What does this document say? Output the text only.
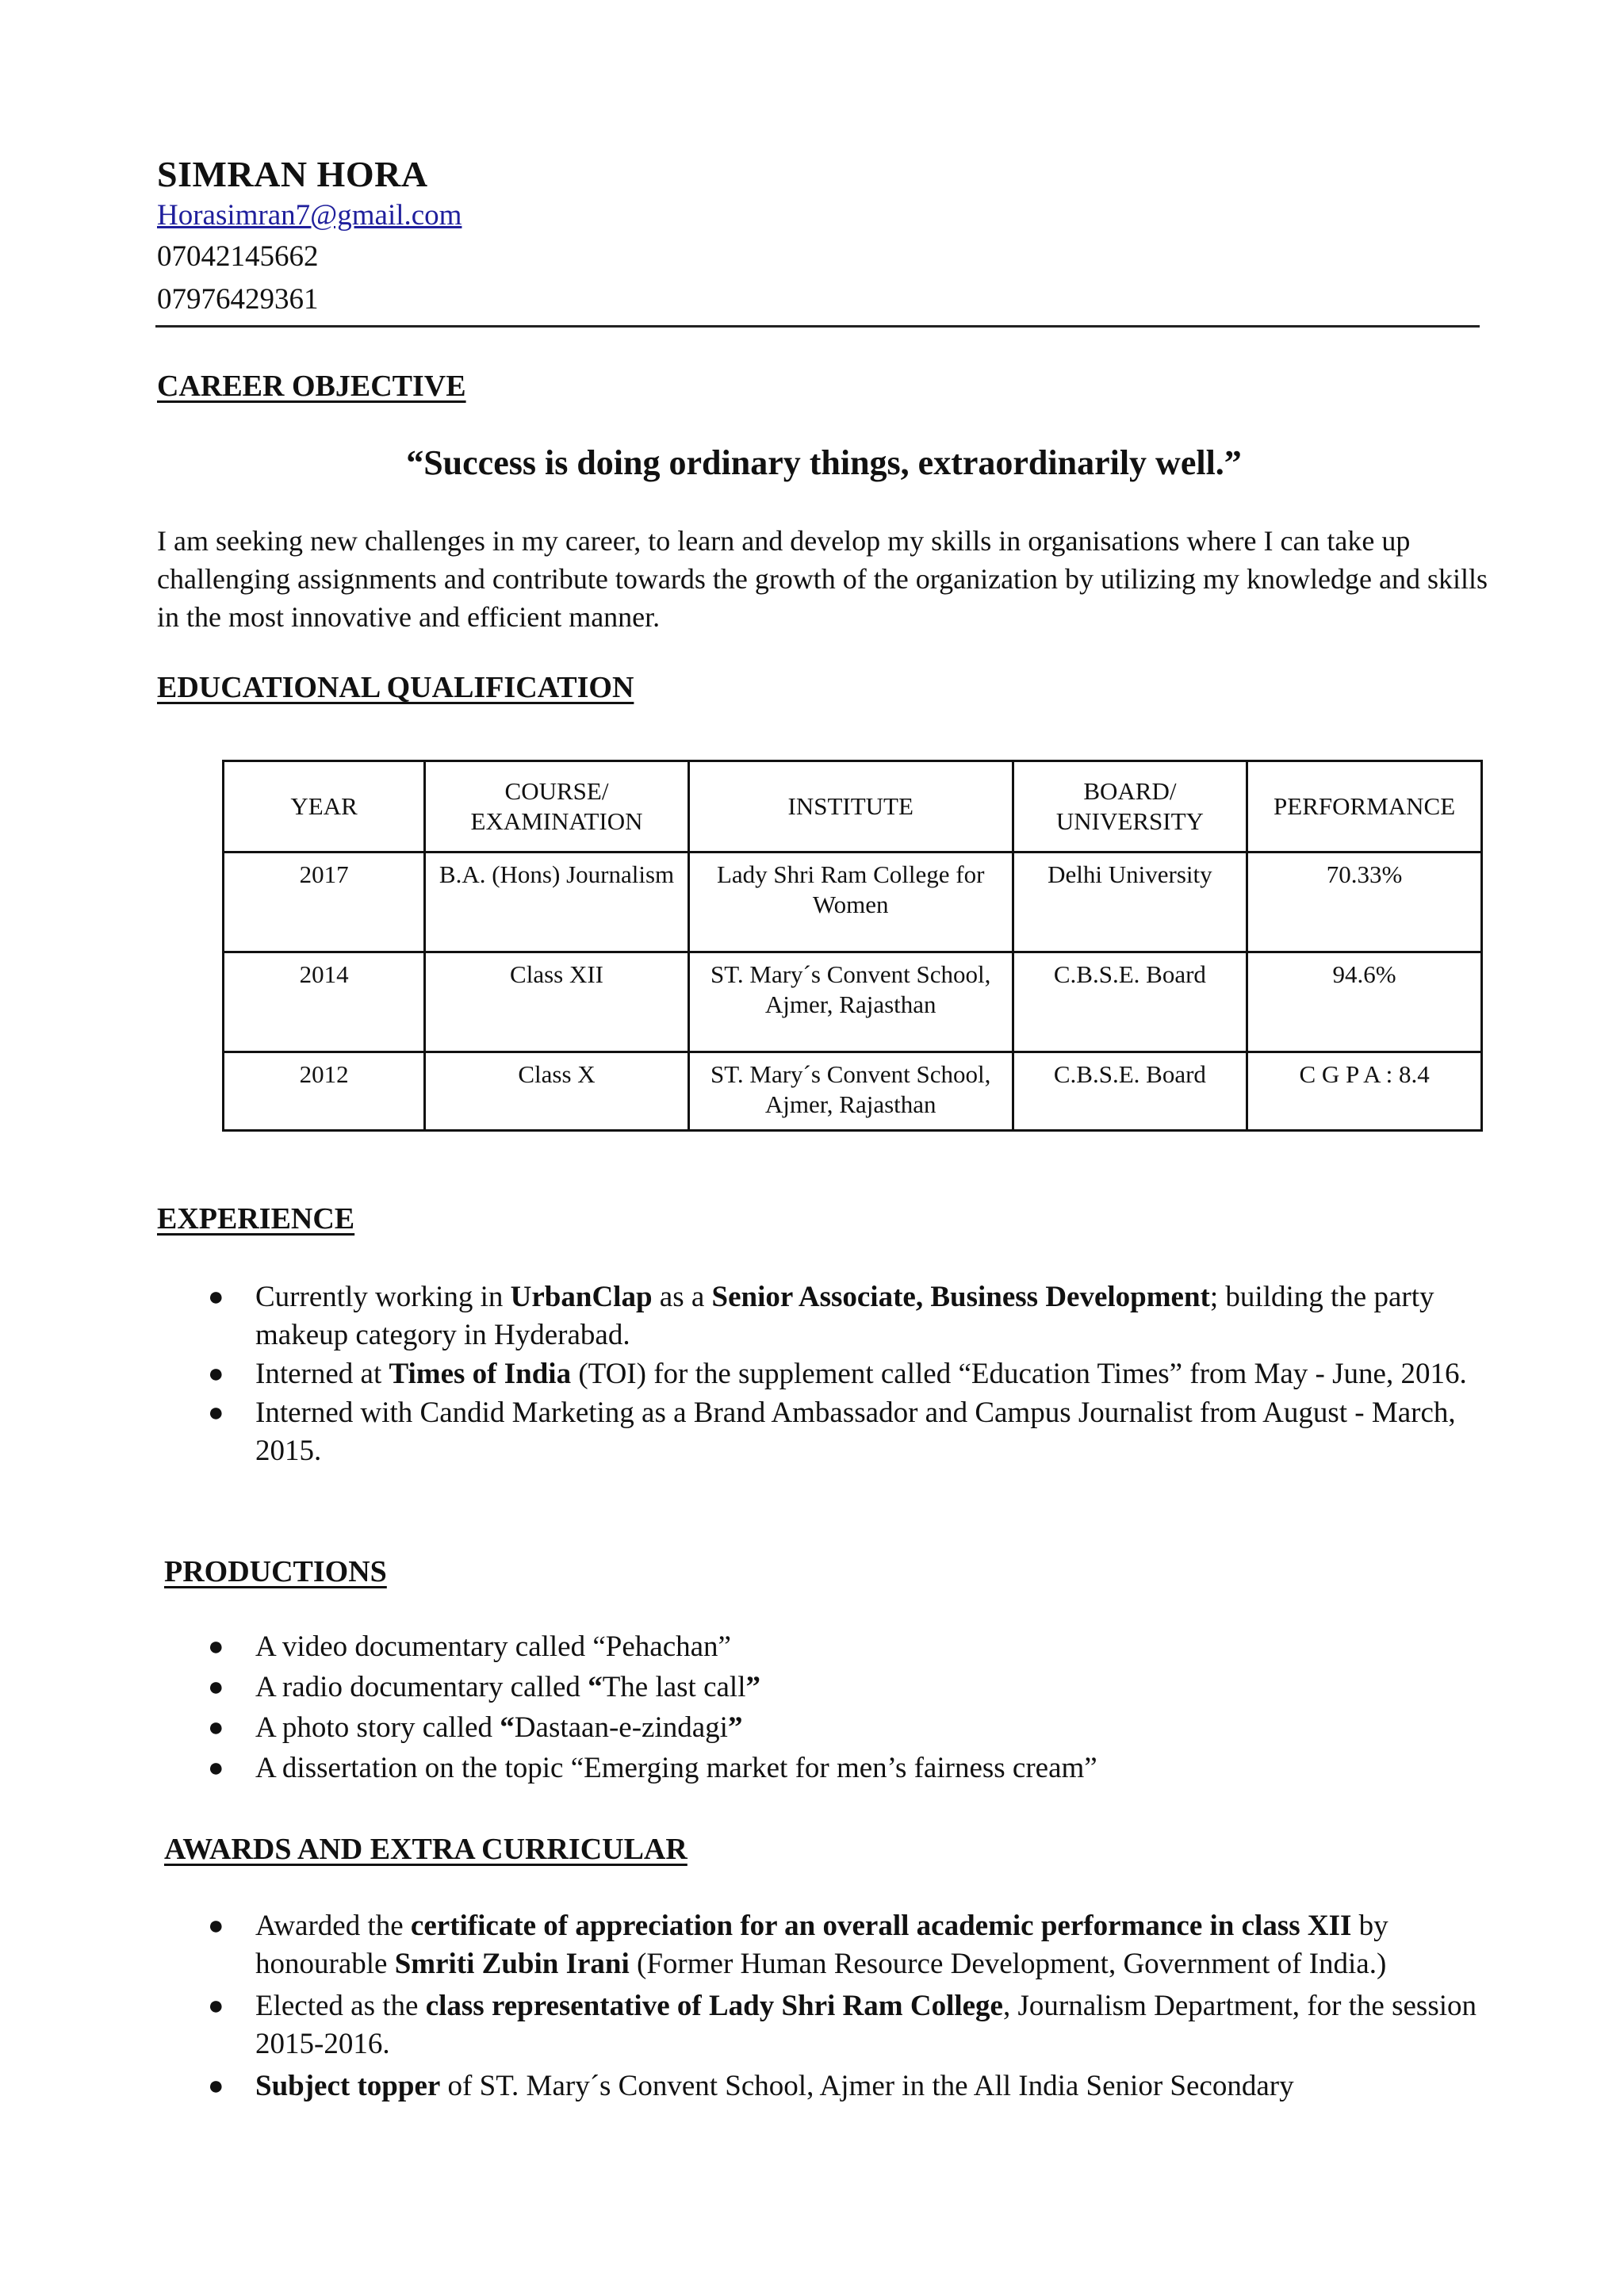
SIMRAN HORA
Horasimran7@gmail.com
07042145662
07976429361
CAREER OBJECTIVE
“Success is doing ordinary things, extraordinarily well.”
I am seeking new challenges in my career, to learn and develop my skills in organisations where I can take up challenging assignments and contribute towards the growth of the organization by utilizing my knowledge and skills in the most innovative and efficient manner.
EDUCATIONAL QUALIFICATION
YEAR	COURSE/ EXAMINATION	INSTITUTE	BOARD/ UNIVERSITY	PERFORMANCE
2017	B.A. (Hons) Journalism	Lady Shri Ram College for Women	Delhi University	70.33%
2014	Class XII	ST. Mary´s Convent School, Ajmer, Rajasthan	C.B.S.E. Board	94.6%
2012	Class X	ST. Mary´s Convent School, Ajmer, Rajasthan	C.B.S.E. Board	C G P A : 8.4
EXPERIENCE
● Currently working in UrbanClap as a Senior Associate, Business Development; building the party makeup category in Hyderabad.
● Interned at Times of India (TOI) for the supplement called “Education Times” from May - June, 2016.
● Interned with Candid Marketing as a Brand Ambassador and Campus Journalist from August - March, 2015.
PRODUCTIONS
● A video documentary called “Pehachan”
● A radio documentary called “The last call”
● A photo story called “Dastaan-e-zindagi”
● A dissertation on the topic “Emerging market for men’s fairness cream”
AWARDS AND EXTRA CURRICULAR
● Awarded the certificate of appreciation for an overall academic performance in class XII by honourable Smriti Zubin Irani (Former Human Resource Development, Government of India.)
● Elected as the class representative of Lady Shri Ram College, Journalism Department, for the session 2015-2016.
● Subject topper of ST. Mary´s Convent School, Ajmer in the All India Senior Secondary
